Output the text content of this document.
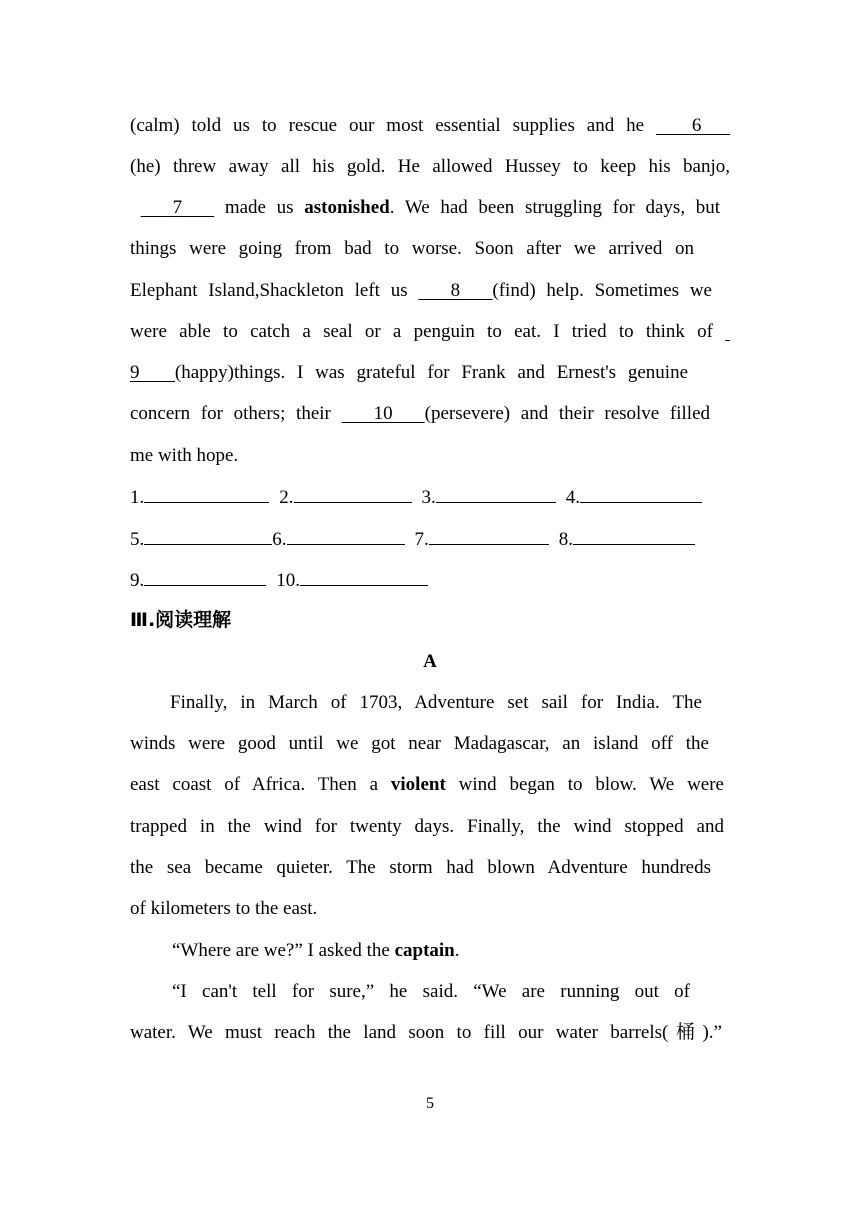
(calm) told us to rescue our most essential supplies and he    6
(he) threw away all his gold. He allowed Hussey to keep his banjo,
7    made us astonished. We had been struggling for days, but
things were going from bad to worse. Soon after we arrived on
Elephant Island,Shackleton left us    8 (find) help. Sometimes we
were able to catch a seal or a penguin to eat. I tried to think of
9 (happy)things. I was grateful for Frank and Ernest's genuine
concern for others; their    10 (persevere) and their resolve filled
me with hope.
1.	2.	3.	4.
5.	6.	7.	8.
9.	10.
Ⅲ.阅读理解
A
Finally, in March of 1703, Adventure set sail for India. The
winds were good until we got near Madagascar, an island off the
east coast of Africa. Then a violent wind began to blow. We were
trapped in the wind for twenty days. Finally, the wind stopped and
the sea became quieter. The storm had blown Adventure hundreds
of kilometers to the east.
“Where are we?” I asked the captain.
“I can't tell for sure,” he said. “We are running out of
water. We must reach the land soon to fill our water barrels(桶).”
5
